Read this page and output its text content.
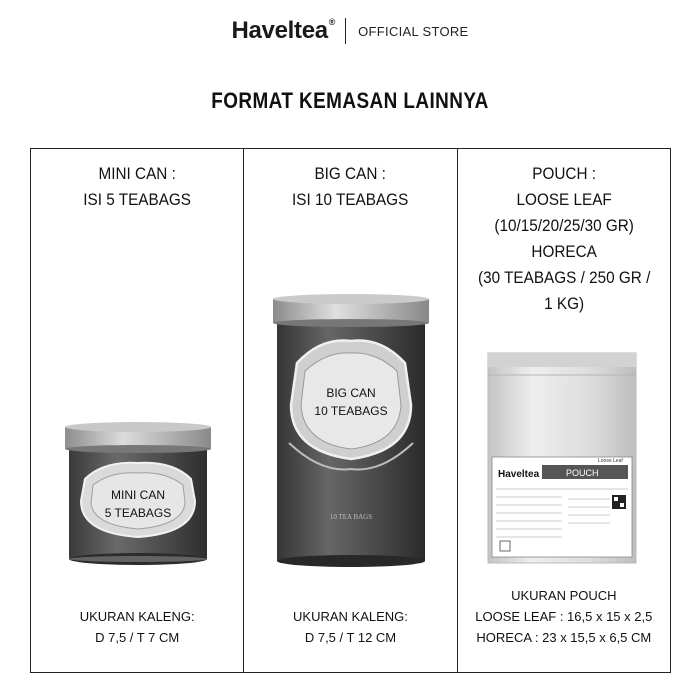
Haveltea®
OFFICIAL STORE
FORMAT KEMASAN LAINNYA
MINI CAN :
ISI 5 TEABAGS
MINI CAN
5 TEABAGS
UKURAN KALENG:
D 7,5 / T 7 CM
BIG CAN :
ISI 10 TEABAGS
BIG CAN
10 TEABAGS
10 TEA BAGS
UKURAN KALENG:
D 7,5 / T 12 CM
POUCH :
LOOSE LEAF
(10/15/20/25/30 GR)
HORECA
(30 TEABAGS / 250 GR /
1 KG)
Haveltea	POUCH
Loose Leaf
UKURAN POUCH
LOOSE LEAF : 16,5 x 15 x 2,5
HORECA : 23 x 15,5 x 6,5 CM
